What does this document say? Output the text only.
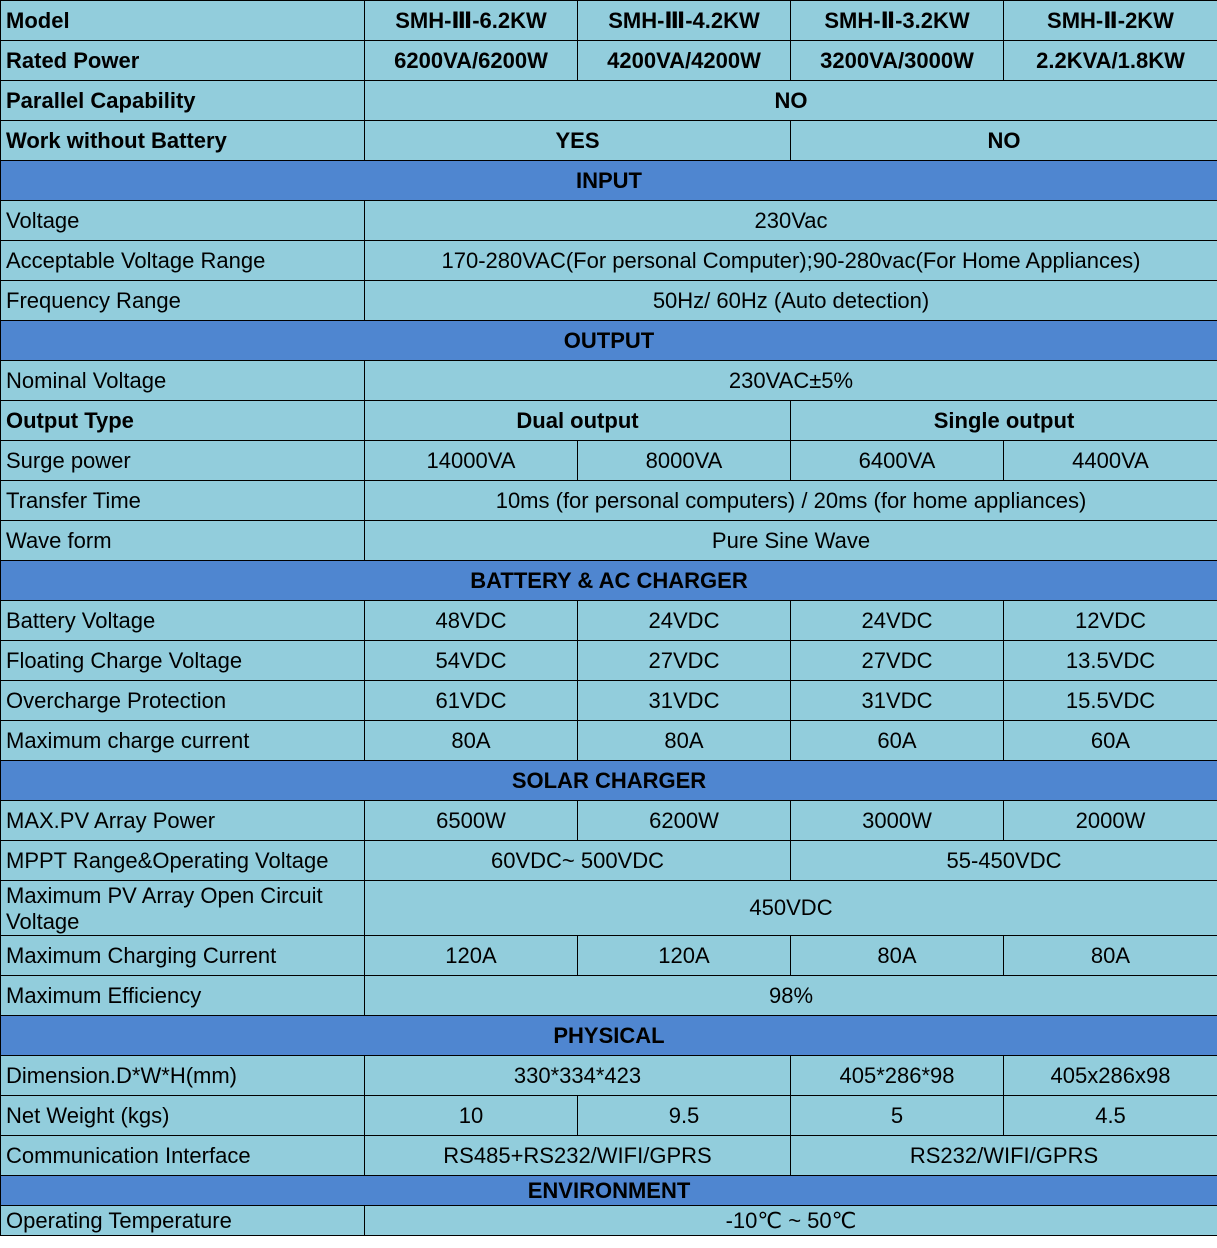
Model	SMH-Ⅲ-6.2KW	SMH-Ⅲ-4.2KW	SMH-Ⅱ-3.2KW	SMH-Ⅱ-2KW
Rated Power	6200VA/6200W	4200VA/4200W	3200VA/3000W	2.2KVA/1.8KW
Parallel Capability	NO			
Work without Battery	YES		NO	
INPUT				
Voltage	230Vac			
Acceptable Voltage Range	170-280VAC(For personal Computer);90-280vac(For Home Appliances)			
Frequency Range	50Hz/ 60Hz (Auto detection)			
OUTPUT				
Nominal Voltage	230VAC±5%			
Output Type	Dual output		Single output	
Surge power	14000VA	8000VA	6400VA	4400VA
Transfer Time	10ms (for personal computers) / 20ms (for home appliances)			
Wave form	Pure Sine Wave			
BATTERY & AC CHARGER				
Battery Voltage	48VDC	24VDC	24VDC	12VDC
Floating Charge Voltage	54VDC	27VDC	27VDC	13.5VDC
Overcharge Protection	61VDC	31VDC	31VDC	15.5VDC
Maximum charge current	80A	80A	60A	60A
SOLAR CHARGER				
MAX.PV Array Power	6500W	6200W	3000W	2000W
MPPT Range&Operating Voltage	60VDC~ 500VDC		55-450VDC	
Maximum PV Array Open Circuit Voltage	450VDC			
Maximum Charging Current	120A	120A	80A	80A
Maximum Efficiency	98%			
PHYSICAL				
Dimension.D*W*H(mm)	330*334*423		405*286*98	405x286x98
Net Weight (kgs)	10	9.5	5	4.5
Communication Interface	RS485+RS232/WIFI/GPRS		RS232/WIFI/GPRS	
ENVIRONMENT				
Operating Temperature	-10℃ ~ 50℃			
